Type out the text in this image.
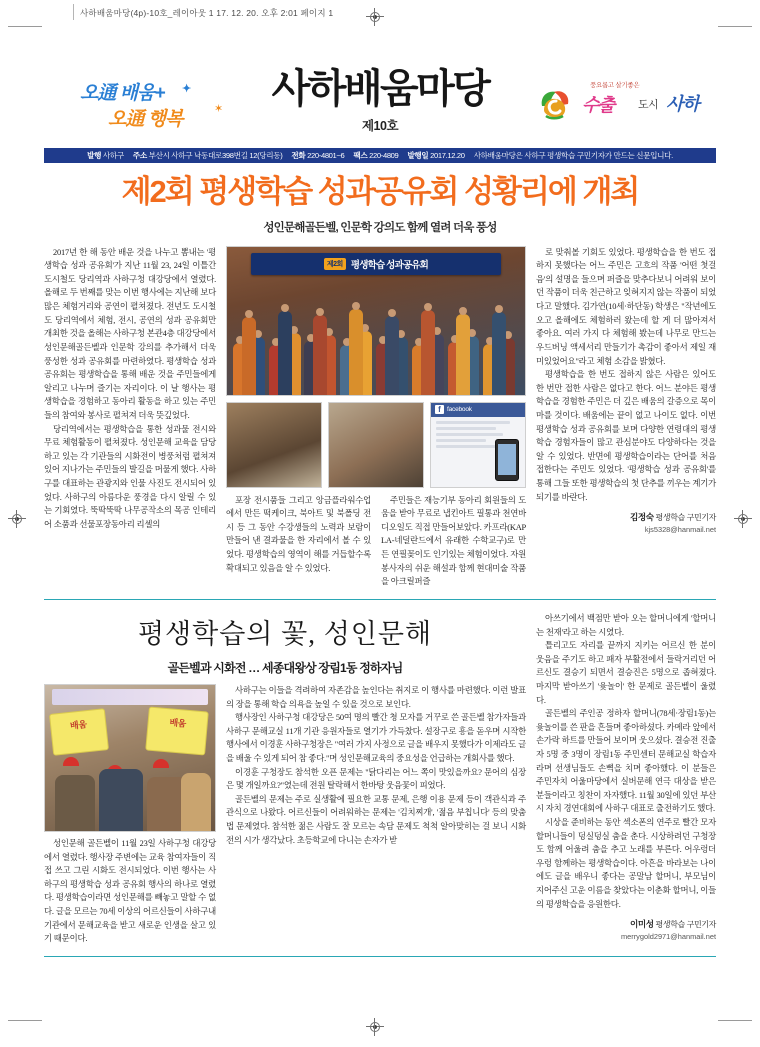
사하배움마당(4p)-10호_레이아웃 1 17. 12. 20. 오후 2:01 페이지 1
오通 배움+ ✦
오通 행복	✶	사하배움마당
제10호
풍요롭고 살기좋은
수출 도시 사하
발행 사하구 주소 부산시 사하구 낙동대로398번길 12(당리동) 전화 220-4801~6 팩스 220-4809 발행일 2017.12.20 사하배움마당은 사하구 평생학습 구민기자가 만드는 신문입니다.
제2회 평생학습 성과공유회 성황리에 개최
성인문해골든벨, 인문학 강의도 함께 열려 더욱 풍성

2017년 한 해 동안 배운 것을 나누고 뽐내는 '평생학습 성과 공유회'가 지난 11월 23, 24일 이틀간 도시철도 당리역과 사하구청 대강당에서 열렸다. 올해로 두 번째를 맞는 이번 행사에는 지난해 보다 많은 체험거리와 공연이 펼쳐졌다. 전년도 도시철도 당리역에서 체험, 전시, 공연의 성과 공유회만 개최한 것을 올해는 사하구청 본관4층 대강당에서 성인문해골든벨과 인문학 강의를 추가해서 더욱 풍성한 성과 공유회를 마련하였다. 평생학습 성과 공유회는 평생학습을 통해 배운 것을 주민들에게 알리고 나누며 즐기는 자리이다. 이 날 행사는 평생학습을 경험하고 동아리 활동을 하고 있는 주민들의 참여와 봉사로 펼쳐져 더욱 뜻깊었다.

당리역에서는 평생학습을 통한 성과물 전시와 무료 체험활동이 펼쳐졌다. 성인문해 교육을 담당하고 있는 각 기관들의 시화전이 병풍처럼 펼쳐져 있어 지나가는 주민들의 발길을 머물게 했다. 사하구를 대표하는 관광지와 인물 사진도 전시되어 있었다. 사하구의 아름다운 풍경을 다시 알릴 수 있는 기회였다. 뚝딱뚝딱 나무공작소의 목공 인테리어 소품과 선물포장동아리 리셀의

제2회 평생학습 성과공유회
f facebook

포장 전시품들 그리고 앙금플라워수업에서 만든 떡케이크, 북아트 및 북폴딩 전시 등 그 동안 수강생들의 노력과 보람이 만들어 낸 결과물을 한 자리에서 볼 수 있었다. 평생학습의 영역이 해를 거듭할수록 확대되고 있음을 알 수 있었다.

주민들은 재능기부 동아리 회원들의 도움을 받아 무료로 냅킨아트 필통과 천연바디오일도 직접 만들어보았다. 카프라(KAPLA-네덜란드에서 유래한 수학교구)로 만든 연필꽂이도 인기있는 체험이었다. 자원봉사자의 쉬운 해설과 함께 현대미술 작품을 아크릴퍼즐

로 맞춰볼 기회도 있었다. 평생학습을 한 번도 접하지 못했다는 어느 주민은 고흐의 작품 '어떤 첫걸음'의 설명을 들으며 퍼즐을 맞추다보니 어려워 보이던 작품이 더욱 친근하고 잊혀지지 않는 작품이 되었다고 말했다. 김가연(10세·하단동) 학생은 "작년에도 오고 올해에도 체험하러 왔는데 할 게 더 많아져서 좋아요. 여러 가지 다 체험해 봤는데 나무로 만드는 우드버닝 액세서리 만들기가 촉감이 좋아서 제일 재미있었어요"라고 체험 소감을 밝혔다.

평생학습을 한 번도 접하지 않은 사람은 있어도 한 번만 접한 사람은 없다고 한다. 어느 분야든 평생학습을 경험한 주민은 더 깊은 배움의 갈증으로 목이 마를 것이다. 배움에는 끝이 없고 나이도 없다. 이번 평생학습 성과 공유회를 보며 다양한 연령대의 평생학습 경험자들이 많고 관심분야도 다양하다는 것을 알 수 있었다. 반면에 평생학습이라는 단어를 처음 접한다는 주민도 있었다. '평생학습 성과 공유회'를 통해 그들 또한 평생학습의 첫 단추를 끼우는 계기가 되기를 바란다.

김정숙 평생학습 구민기자
kjs5328@hanmail.net
평생학습의 꽃, 성인문해
골든벨과 시화전 … 세종대왕상 장림1동 정하자님

아쓰기에서 백점만 받아 오는 할머니에게 '할머니는 천재'라고 하는 시였다.

틀리고도 자리를 끝까지 지키는 어르신 한 분이 웃음을 주기도 하고 패자 부활전에서 들락거리던 어르신도 결승기 되면서 결승진은 5명으로 좁혀졌다. 마지막 받아쓰기 '윷놀이' 한 문제로 골든벨이 울렸다.

골든벨의 주인공 정하자 할머니(78세·장림1동)는 윷놀이를 쓴 판을 흔들며 좋아하셨다. 카메라 앞에서 손가락 하트를 만들어 보이며 웃으셨다. 결승전 진출자 5명 중 3명이 장림1동 주민센터 문해교실 학습자라며 선생님들도 손뼉을 치며 좋아했다. 이 분들은 주민자치 어울마당에서 실버문해 연극 대상을 받은 분들이라고 칭찬이 자자했다. 11월 30일에 있던 부산시 자치 경연대회에 사하구 대표로 출전하기도 했다.

시상을 준비하는 동안 섹소폰의 연주로 빨간 모자 할머니들이 덩실덩실 춤을 춘다. 시상하려던 구청장도 함께 어울려 춤을 추고 노래를 부른다. 어우렁더우렁 함께하는 평생학습이다. 아흔을 바라보는 나이에도 글을 배우니 좋다는 공말남 할머니, 부모님이 지어주신 고운 이름을 찾았다는 이춘화 할머니, 이들의 평생학습을 응원한다.

이미성 평생학습 구민기자
merrygold2971@hanmail.net
배움	배움

성인문해 골든벨이 11월 23일 사하구청 대강당에서 열렸다. 행사장 주변에는 교육 참여자들이 직접 쓰고 그린 시화도 전시되었다. 이번 행사는 사하구의 평생학습 성과 공유회 행사의 하나로 열렸다. 평생학습이라면 성인문해를 빼놓고 말할 수 없다. 글을 모르는 70세 이상의 어르신들이 사하구내 기관에서 문해교육을 받고 새로운 인생을 살고 있기 때문이다.

사하구는 이들을 격려하여 자존감을 높인다는 취지로 이 행사를 마련했다. 이런 발표의 장을 통해 학습 의욕을 높일 수 있을 것으로 보인다.

행사장인 사하구청 대강당은 50여 명의 빨간 쳥 모자를 거꾸로 쓴 골든벨 참가자들과 사하구 문해교실 11개 기관 응원자들로 열기가 가득찼다. 설장구로 흥을 돋우며 시작한 행사에서 이경훈 사하구청장은 "여러 가지 사정으로 글을 배우지 못했다가 이제라도 글을 배울 수 있게 되어 참 좋다."며 성인문해교육의 중요성을 언급하는 개회사를 했다.

이경훈 구청장도 참석한 오픈 문제는 "닭다리는 어느 쪽이 맛있을까요? 문어의 심장은 몇 개일까요?"였는데 전원 탈락해서 한바탕 웃음꽃이 피었다.

골든벨의 문제는 주로 실생활에 필요한 교통 문제, 은행 이용 문제 등이 객관식과 주관식으로 나왔다. 어르신들이 어려워하는 문제는 '김치찌개', '젊음 부칩니다' 등의 맞춤법 문제였다. 참석한 젊은 사람도 잘 모르는 속담 문제도 척척 알아맞히는 걸 보니 시화전의 시가 생각났다. 초등학교에 다니는 손자가 받
